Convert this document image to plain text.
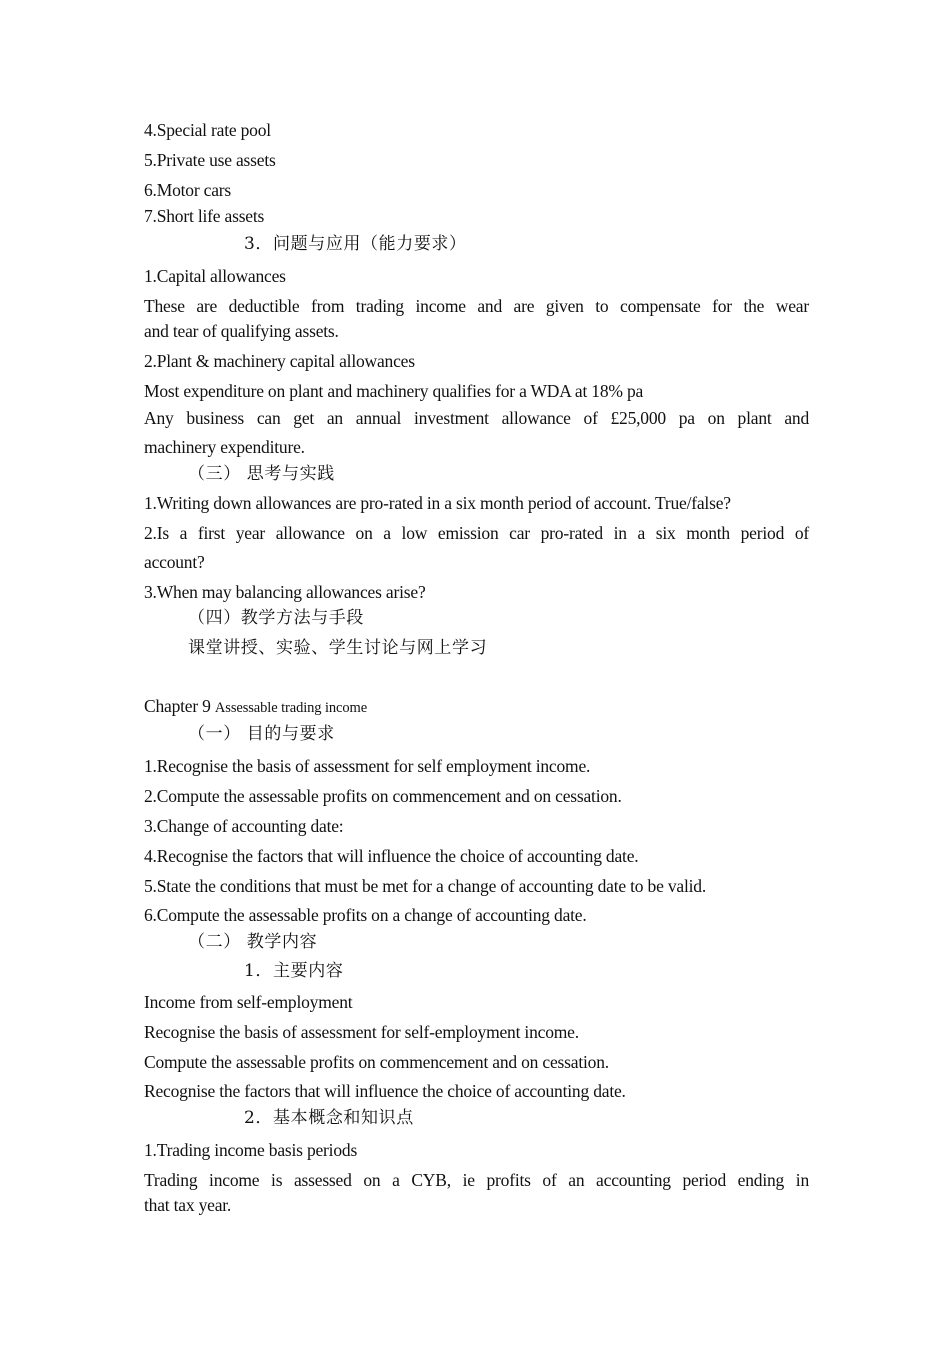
4.Special rate pool
5.Private use assets
6.Motor cars
7.Short life assets
3．问题与应用（能力要求）
1.Capital allowances
These are deductible from trading income and are given to compensate for the wear
and tear of qualifying assets.
2.Plant & machinery capital allowances
Most expenditure on plant and machinery qualifies for a WDA at 18% pa
Any business can get an annual investment allowance of £25,000 pa on plant and
machinery expenditure.
（三） 思考与实践
1.Writing down allowances are pro-rated in a six month period of account. True/false?
2.Is a first year allowance on a low emission car pro-rated in a six month period of
account?
3.When may balancing allowances arise?
（四）教学方法与手段
课堂讲授、实验、学生讨论与网上学习
Chapter 9 Assessable trading income
（一） 目的与要求
1.Recognise the basis of assessment for self employment income.
2.Compute the assessable profits on commencement and on cessation.
3.Change of accounting date:
4.Recognise the factors that will influence the choice of accounting date.
5.State the conditions that must be met for a change of accounting date to be valid.
6.Compute the assessable profits on a change of accounting date.
（二） 教学内容
1．主要内容
Income from self-employment
Recognise the basis of assessment for self-employment income.
Compute the assessable profits on commencement and on cessation.
Recognise the factors that will influence the choice of accounting date.
2．基本概念和知识点
1.Trading income basis periods
Trading income is assessed on a CYB, ie profits of an accounting period ending in
that tax year.
